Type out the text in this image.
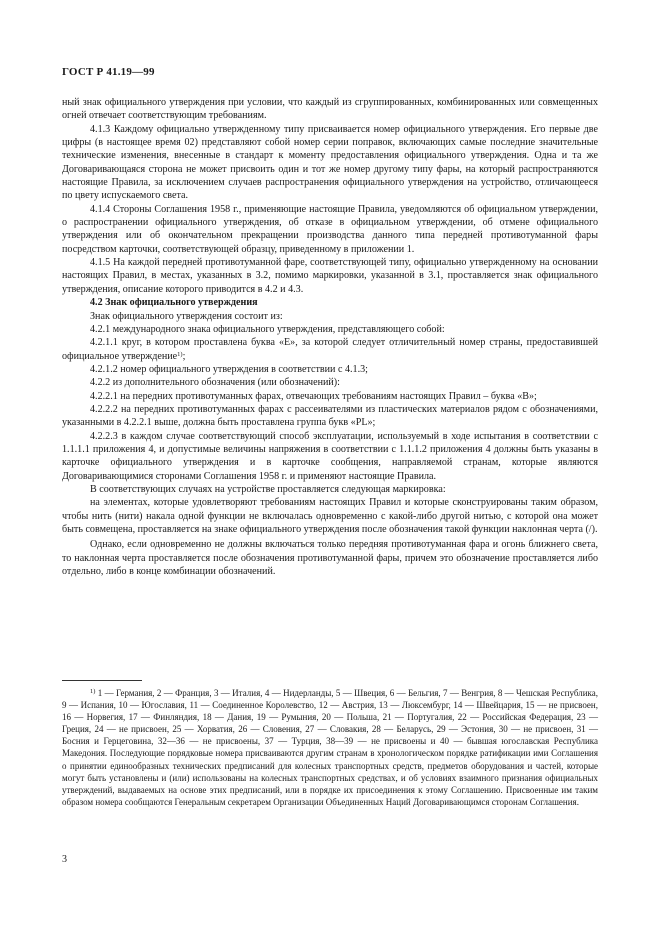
ГОСТ Р 41.19—99

ный знак официального утверждения при условии, что каждый из сгруппированных, комбинированных или совмещенных огней отвечает соответствующим требованиям.

4.1.3 Каждому официально утвержденному типу присваивается номер официального утверждения. Его первые две цифры (в настоящее время 02) представляют собой номер серии поправок, включающих самые последние значительные технические изменения, внесенные в стандарт к моменту предоставления официального утверждения. Одна и та же Договаривающаяся сторона не может присвоить один и тот же номер другому типу фары, на который распространяются настоящие Правила, за исключением случаев распространения официального утверждения на устройство, отличающееся по цвету испускаемого света.

4.1.4 Стороны Соглашения 1958 г., применяющие настоящие Правила, уведомляются об официальном утверждении, о распространении официального утверждения, об отказе в официальном утверждении, об отмене официального утверждения или об окончательном прекращении производства данного типа передней противотуманной фары посредством карточки, соответствующей образцу, приведенному в приложении 1.

4.1.5 На каждой передней противотуманной фаре, соответствующей типу, официально утвержденному на основании настоящих Правил, в местах, указанных в 3.2, помимо маркировки, указанной в 3.1, проставляется знак официального утверждения, описание которого приводится в 4.2 и 4.3.

4.2 Знак официального утверждения

Знак официального утверждения состоит из:

4.2.1 международного знака официального утверждения, представляющего собой:

4.2.1.1 круг, в котором проставлена буква «Е», за которой следует отличительный номер страны, предоставившей официальное утверждение$^{1)}$;

4.2.1.2 номер официального утверждения в соответствии с 4.1.3;

4.2.2 из дополнительного обозначения (или обозначений):

4.2.2.1 на передних противотуманных фарах, отвечающих требованиям настоящих Правил – буква «В»;

4.2.2.2 на передних противотуманных фарах с рассеивателями из пластических материалов рядом с обозначениями, указанными в 4.2.2.1 выше, должна быть проставлена группа букв «PL»;

4.2.2.3 в каждом случае соответствующий способ эксплуатации, используемый в ходе испытания в соответствии с 1.1.1.1 приложения 4, и допустимые величины напряжения в соответствии с 1.1.1.2 приложения 4 должны быть указаны в карточке официального утверждения и в карточке сообщения, направляемой странам, которые являются Договаривающимися сторонами Соглашения 1958 г. и применяют настоящие Правила.

В соответствующих случаях на устройстве проставляется следующая маркировка:

на элементах, которые удовлетворяют требованиям настоящих Правил и которые сконструированы таким образом, чтобы нить (нити) накала одной функции не включалась одновременно с какой-либо другой нитью, с которой она может быть совмещена, проставляется на знаке официального утверждения после обозначения такой функции наклонная черта (/).

Однако, если одновременно не должны включаться только передняя противотуманная фара и огонь ближнего света, то наклонная черта проставляется после обозначения противотуманной фары, причем это обозначение проставляется либо отдельно, либо в конце комбинации обозначений.

$^{1)}$ 1 — Германия, 2 — Франция, 3 — Италия, 4 — Нидерланды, 5 — Швеция, 6 — Бельгия, 7 — Венгрия, 8 — Чешская Республика, 9 — Испания, 10 — Югославия, 11 — Соединенное Королевство, 12 — Австрия, 13 — Люксембург, 14 — Швейцария, 15 — не присвоен, 16 — Норвегия, 17 — Финляндия, 18 — Дания, 19 — Румыния, 20 — Польша, 21 — Португалия, 22 — Российская Федерация, 23 — Греция, 24 — не присвоен, 25 — Хорватия, 26 — Словения, 27 — Словакия, 28 — Беларусь, 29 — Эстония, 30 — не присвоен, 31 — Босния и Герцеговина, 32—36 — не присвоены, 37 — Турция, 38—39 — не присвоены и 40 — бывшая югославская Республика Македония. Последующие порядковые номера присваиваются другим странам в хронологическом порядке ратификации ими Соглашения о принятии единообразных технических предписаний для колесных транспортных средств, предметов оборудования и частей, которые могут быть установлены и (или) использованы на колесных транспортных средствах, и об условиях взаимного признания официальных утверждений, выдаваемых на основе этих предписаний, или в порядке их присоединения к этому Соглашению. Присвоенные им таким образом номера сообщаются Генеральным секретарем Организации Объединенных Наций Договаривающимся сторонам Соглашения.

3
